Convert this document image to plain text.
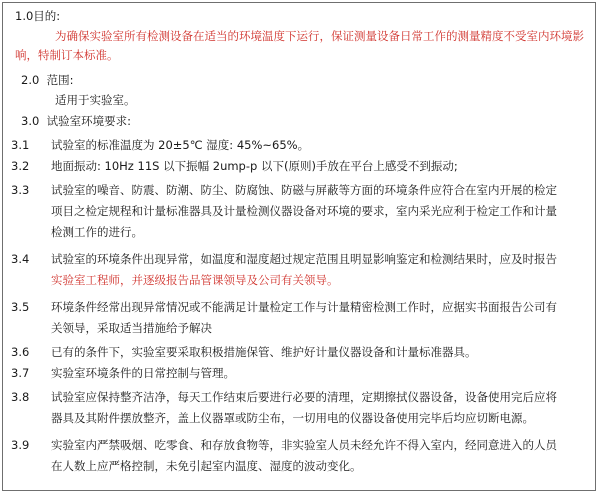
1.0目的:

为确保实验室所有检测设备在适当的环境温度下运行，保证测量设备日常工作的测量精度不受室内环境影

响，特制订本标准。

2.0 范围:

适用于实验室。

3.0 试验室环境要求:
3.1 试验室的标准温度为 20±5℃ 湿度: 45%~65%。

3.2 地面振动: 10Hz 11S 以下振幅 2ump-p 以下(原则)手放在平台上感受不到振动;

3.3 试验室的噪音、防震、防潮、防尘、防腐蚀、防磁与屏蔽等方面的环境条件应符合在室内开展的检定
项目之检定规程和计量标准器具及计量检测仪器设备对环境的要求，室内采光应利于检定工作和计量
检测工作的进行。

3.4 试验室的环境条件出现异常，如温度和湿度超过规定范围且明显影响鉴定和检测结果时，应及时报告
实验室工程师，并逐级报告品管课领导及公司有关领导。

3.5 环境条件经常出现异常情况或不能满足计量检定工作与计量精密检测工作时，应据实书面报告公司有
关领导，采取适当措施给予解决

3.6 已有的条件下，实验室要采取积极措施保管、维护好计量仪器设备和计量标准器具。

3.7 实验室环境条件的日常控制与管理。

3.8 试验室应保持整齐洁净，每天工作结束后要进行必要的清理，定期擦拭仪器设备，设备使用完后应将
器具及其附件摆放整齐，盖上仪器罩或防尘布，一切用电的仪器设备使用完毕后均应切断电源。

3.9 实验室内严禁吸烟、吃零食、和存放食物等，非实验室人员未经允许不得入室内，经同意进入的人员
在人数上应严格控制，未免引起室内温度、湿度的波动变化。
